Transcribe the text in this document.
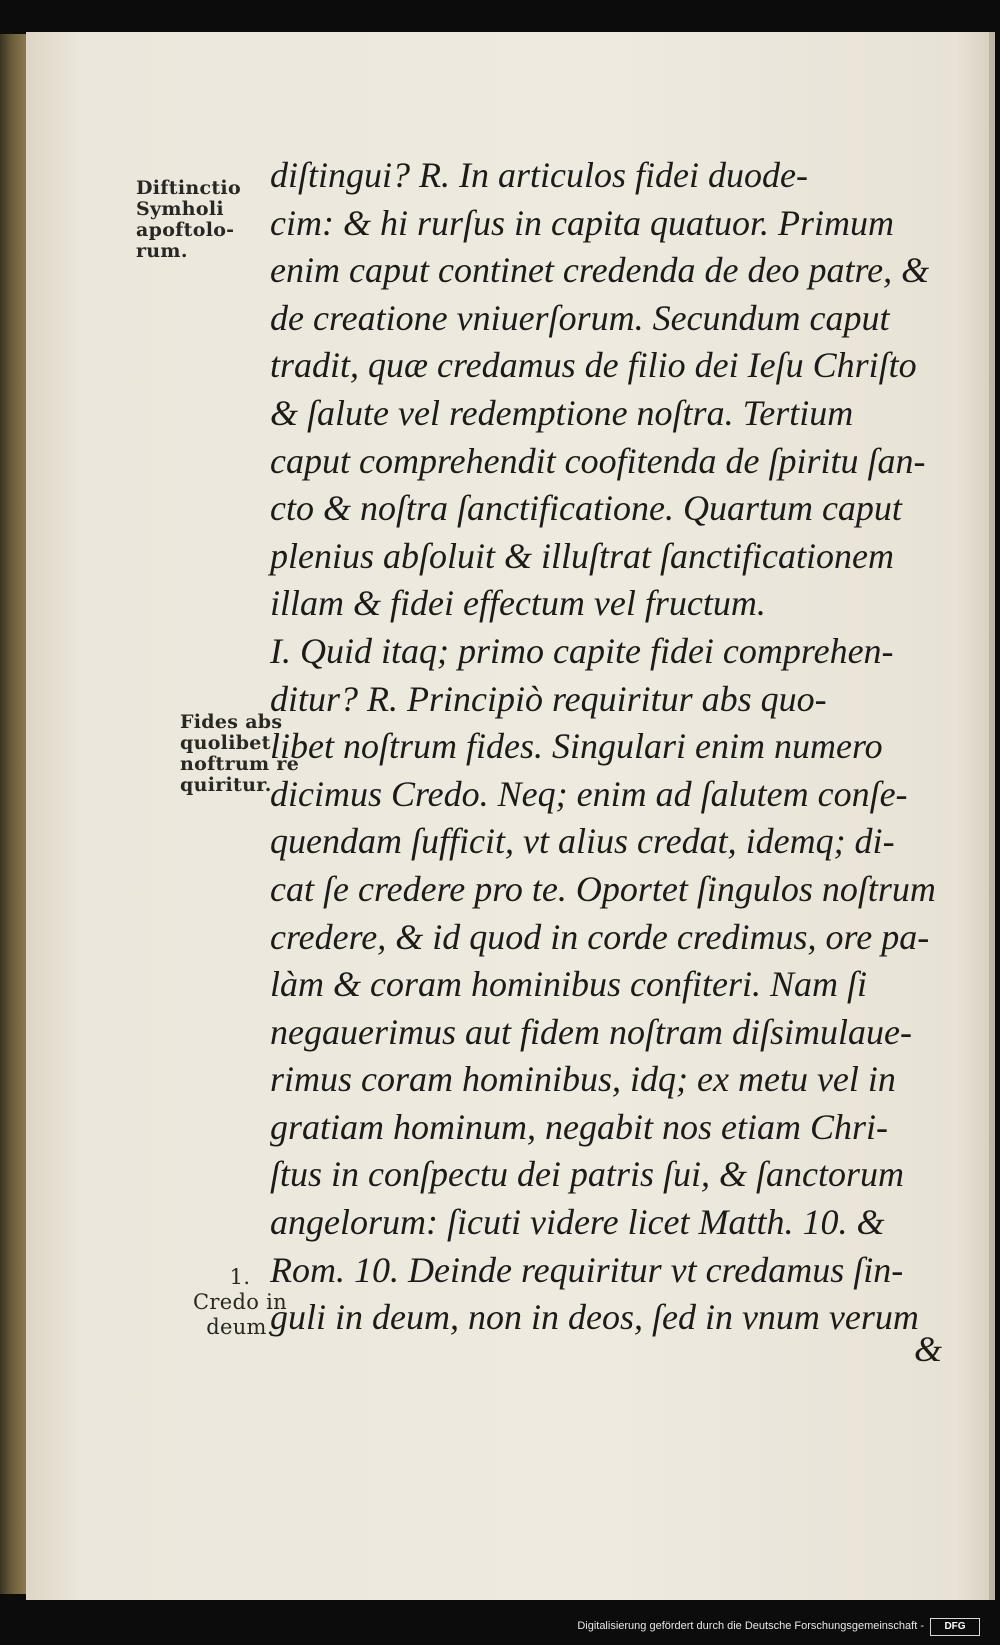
Diftinctio
Symholi
apoftolo-
rum.
Fides abs
quolibet
noftrum re
quiritur.
1.
Credo in
deum.
diſtingui? R. In articulos fidei duode-
cim: & hi rurſus in capita quatuor. Primum
enim caput continet credenda de deo patre, &
de creatione vniuerſorum. Secundum caput
tradit, quæ credamus de filio dei Ieſu Chriſto
& ſalute vel redemptione noſtra. Tertium
caput comprehendit coofitenda de ſpiritu ſan-
cto & noſtra ſanctificatione. Quartum caput
plenius abſoluit & illuſtrat ſanctificationem
illam & fidei effectum vel fructum.
I. Quid itaq; primo capite fidei comprehen-
ditur? R. Principiò requiritur abs quo-
libet noſtrum fides. Singulari enim numero
dicimus Credo. Neq; enim ad ſalutem conſe-
quendam ſufficit, vt alius credat, idemq; di-
cat ſe credere pro te. Oportet ſingulos noſtrum
credere, & id quod in corde credimus, ore pa-
làm & coram hominibus confiteri. Nam ſi
negauerimus aut fidem noſtram diſsimulaue-
rimus coram hominibus, idq; ex metu vel in
gratiam hominum, negabit nos etiam Chri-
ſtus in conſpectu dei patris ſui, & ſanctorum
angelorum: ſicuti videre licet Matth. 10. &
Rom. 10. Deinde requiritur vt credamus ſin-
guli in deum, non in deos, ſed in vnum verum
&
Digitalisierung gefördert durch die Deutsche Forschungsgemeinschaft -	DFG
